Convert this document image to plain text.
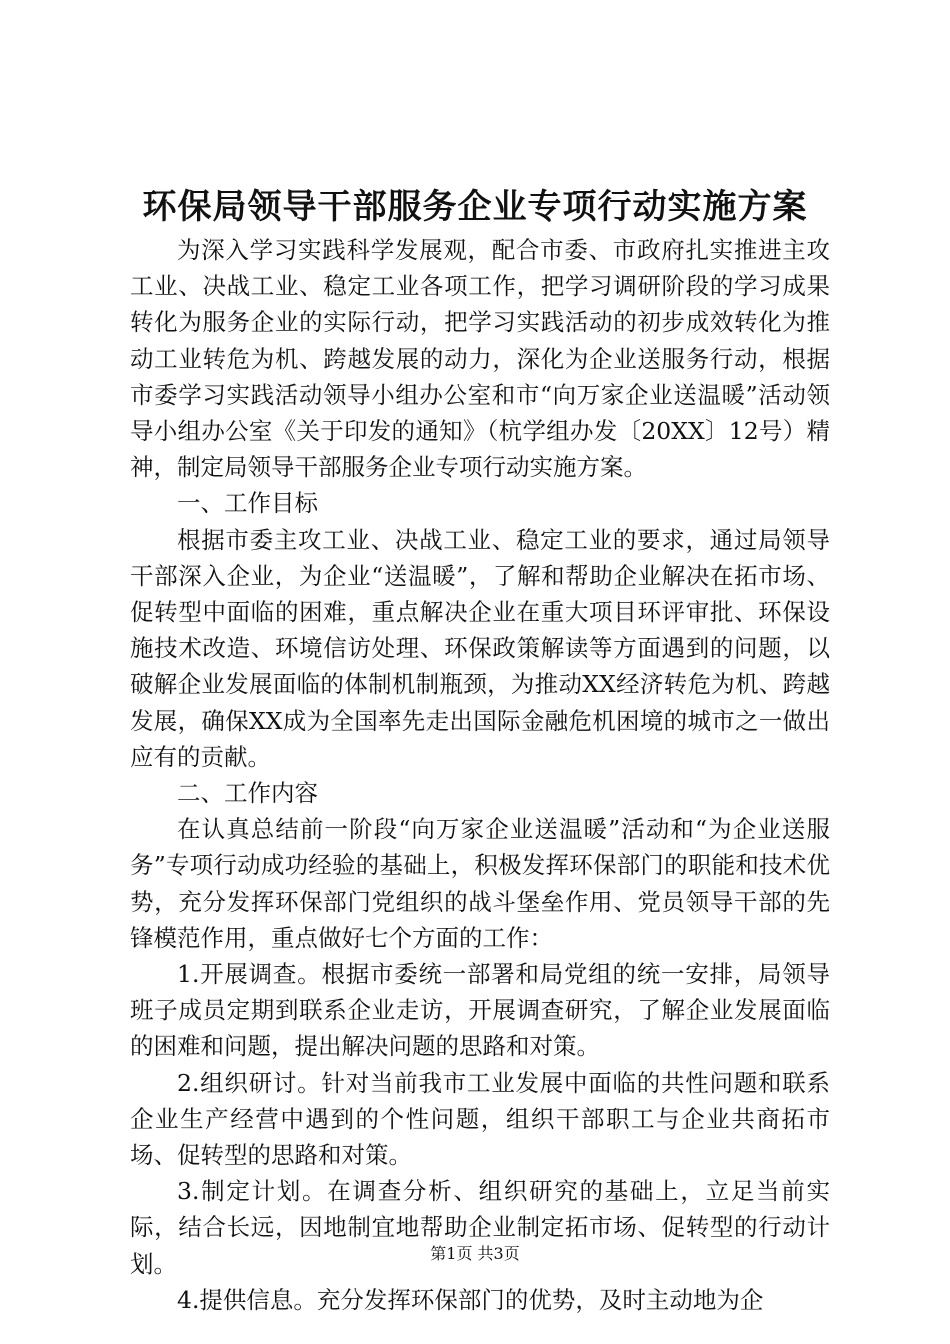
环保局领导干部服务企业专项行动实施方案

为深入学习实践科学发展观，配合市委、市政府扎实推进主攻工业、决战工业、稳定工业各项工作，把学习调研阶段的学习成果转化为服务企业的实际行动，把学习实践活动的初步成效转化为推动工业转危为机、跨越发展的动力，深化为企业送服务行动，根据市委学习实践活动领导小组办公室和市“向万家企业送温暖”活动领导小组办公室《关于印发的通知》（杭学组办发〔20XX〕12号）精神，制定局领导干部服务企业专项行动实施方案。

一、工作目标

根据市委主攻工业、决战工业、稳定工业的要求，通过局领导干部深入企业，为企业“送温暖”，了解和帮助企业解决在拓市场、促转型中面临的困难，重点解决企业在重大项目环评审批、环保设施技术改造、环境信访处理、环保政策解读等方面遇到的问题，以破解企业发展面临的体制机制瓶颈，为推动XX经济转危为机、跨越发展，确保XX成为全国率先走出国际金融危机困境的城市之一做出应有的贡献。

二、工作内容

在认真总结前一阶段“向万家企业送温暖”活动和“为企业送服务”专项行动成功经验的基础上，积极发挥环保部门的职能和技术优势，充分发挥环保部门党组织的战斗堡垒作用、党员领导干部的先锋模范作用，重点做好七个方面的工作：

1.开展调查。根据市委统一部署和局党组的统一安排，局领导班子成员定期到联系企业走访，开展调查研究，了解企业发展面临的困难和问题，提出解决问题的思路和对策。

2.组织研讨。针对当前我市工业发展中面临的共性问题和联系企业生产经营中遇到的个性问题，组织干部职工与企业共商拓市场、促转型的思路和对策。

3.制定计划。在调查分析、组织研究的基础上，立足当前实际，结合长远，因地制宜地帮助企业制定拓市场、促转型的行动计划。

4.提供信息。充分发挥环保部门的优势，及时主动地为企

第1页 共3页
